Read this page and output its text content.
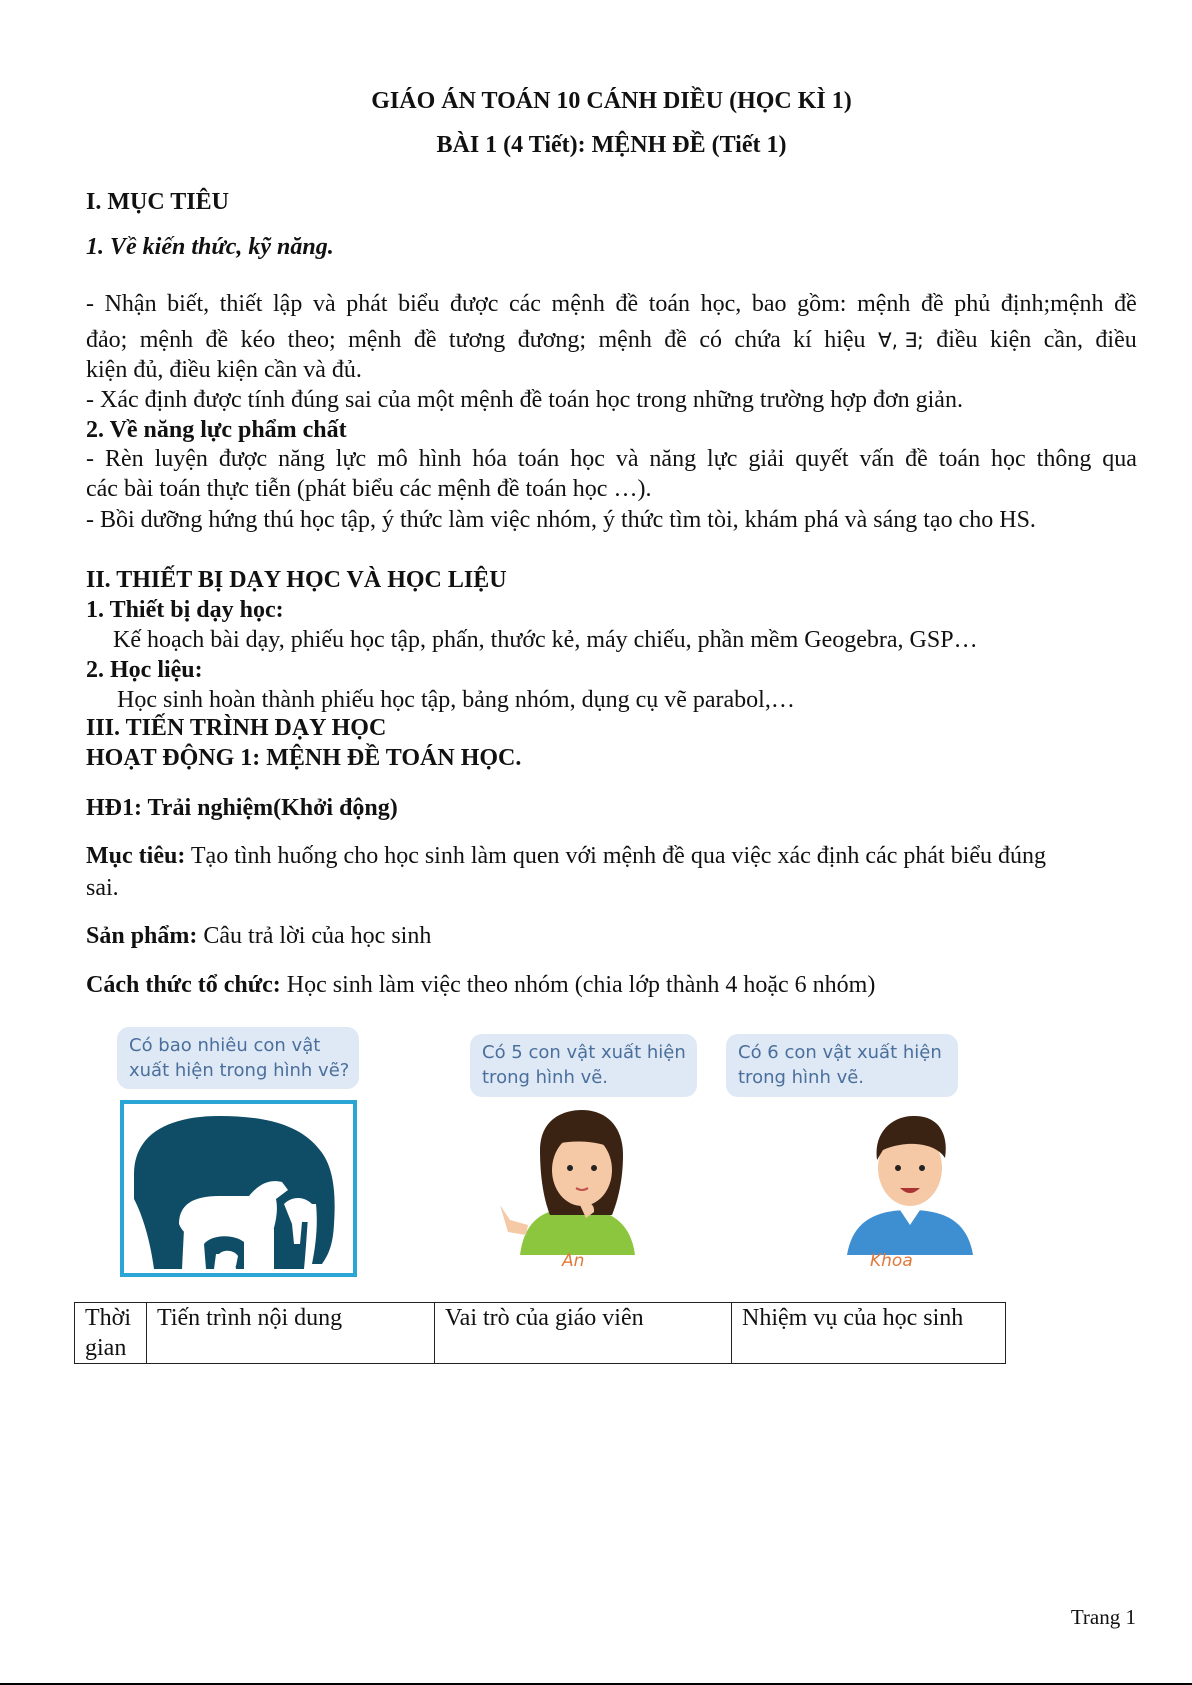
GIÁO ÁN TOÁN 10 CÁNH DIỀU (HỌC KÌ 1)
BÀI 1 (4 Tiết): MỆNH ĐỀ (Tiết 1)
I. MỤC TIÊU
1. Về kiến thức, kỹ năng.
- Nhận biết, thiết lập và phát biểu được các mệnh đề toán học, bao gồm: mệnh đề phủ định;mệnh đề
đảo; mệnh đề kéo theo; mệnh đề tương đương; mệnh đề có chứa kí hiệu ∀, ∃; điều kiện cần, điều
kiện đủ, điều kiện cần và đủ.
- Xác định được tính đúng sai của một mệnh đề toán học trong những trường hợp đơn giản.
2. Về năng lực phẩm chất
- Rèn luyện được năng lực mô hình hóa toán học và năng lực giải quyết vấn đề toán học thông qua
các bài toán thực tiễn (phát biểu các mệnh đề toán học …).
- Bồi dưỡng hứng thú học tập, ý thức làm việc nhóm, ý thức tìm tòi, khám phá và sáng tạo cho HS.
II. THIẾT BỊ DẠY HỌC VÀ HỌC LIỆU
1. Thiết bị dạy học:
Kế hoạch bài dạy, phiếu học tập, phấn, thước kẻ, máy chiếu, phần mềm Geogebra, GSP…
2. Học liệu:
Học sinh hoàn thành phiếu học tập, bảng nhóm, dụng cụ vẽ parabol,…
III. TIẾN TRÌNH DẠY HỌC
HOẠT ĐỘNG 1: MỆNH ĐỀ TOÁN HỌC.
HĐ1: Trải nghiệm(Khởi động)
Mục tiêu: Tạo tình huống cho học sinh làm quen với mệnh đề qua việc xác định các phát biểu đúng
sai.
Sản phẩm: Câu trả lời của học sinh
Cách thức tổ chức: Học sinh làm việc theo nhóm (chia lớp thành 4 hoặc 6 nhóm)
Có bao nhiêu con vật
xuất hiện trong hình vẽ?
Có 5 con vật xuất hiện
trong hình vẽ.
Có 6 con vật xuất hiện
trong hình vẽ.
An	Khoa
Thời gian	Tiến trình nội dung	Vai trò của giáo viên	Nhiệm vụ của học sinh
Trang 1
